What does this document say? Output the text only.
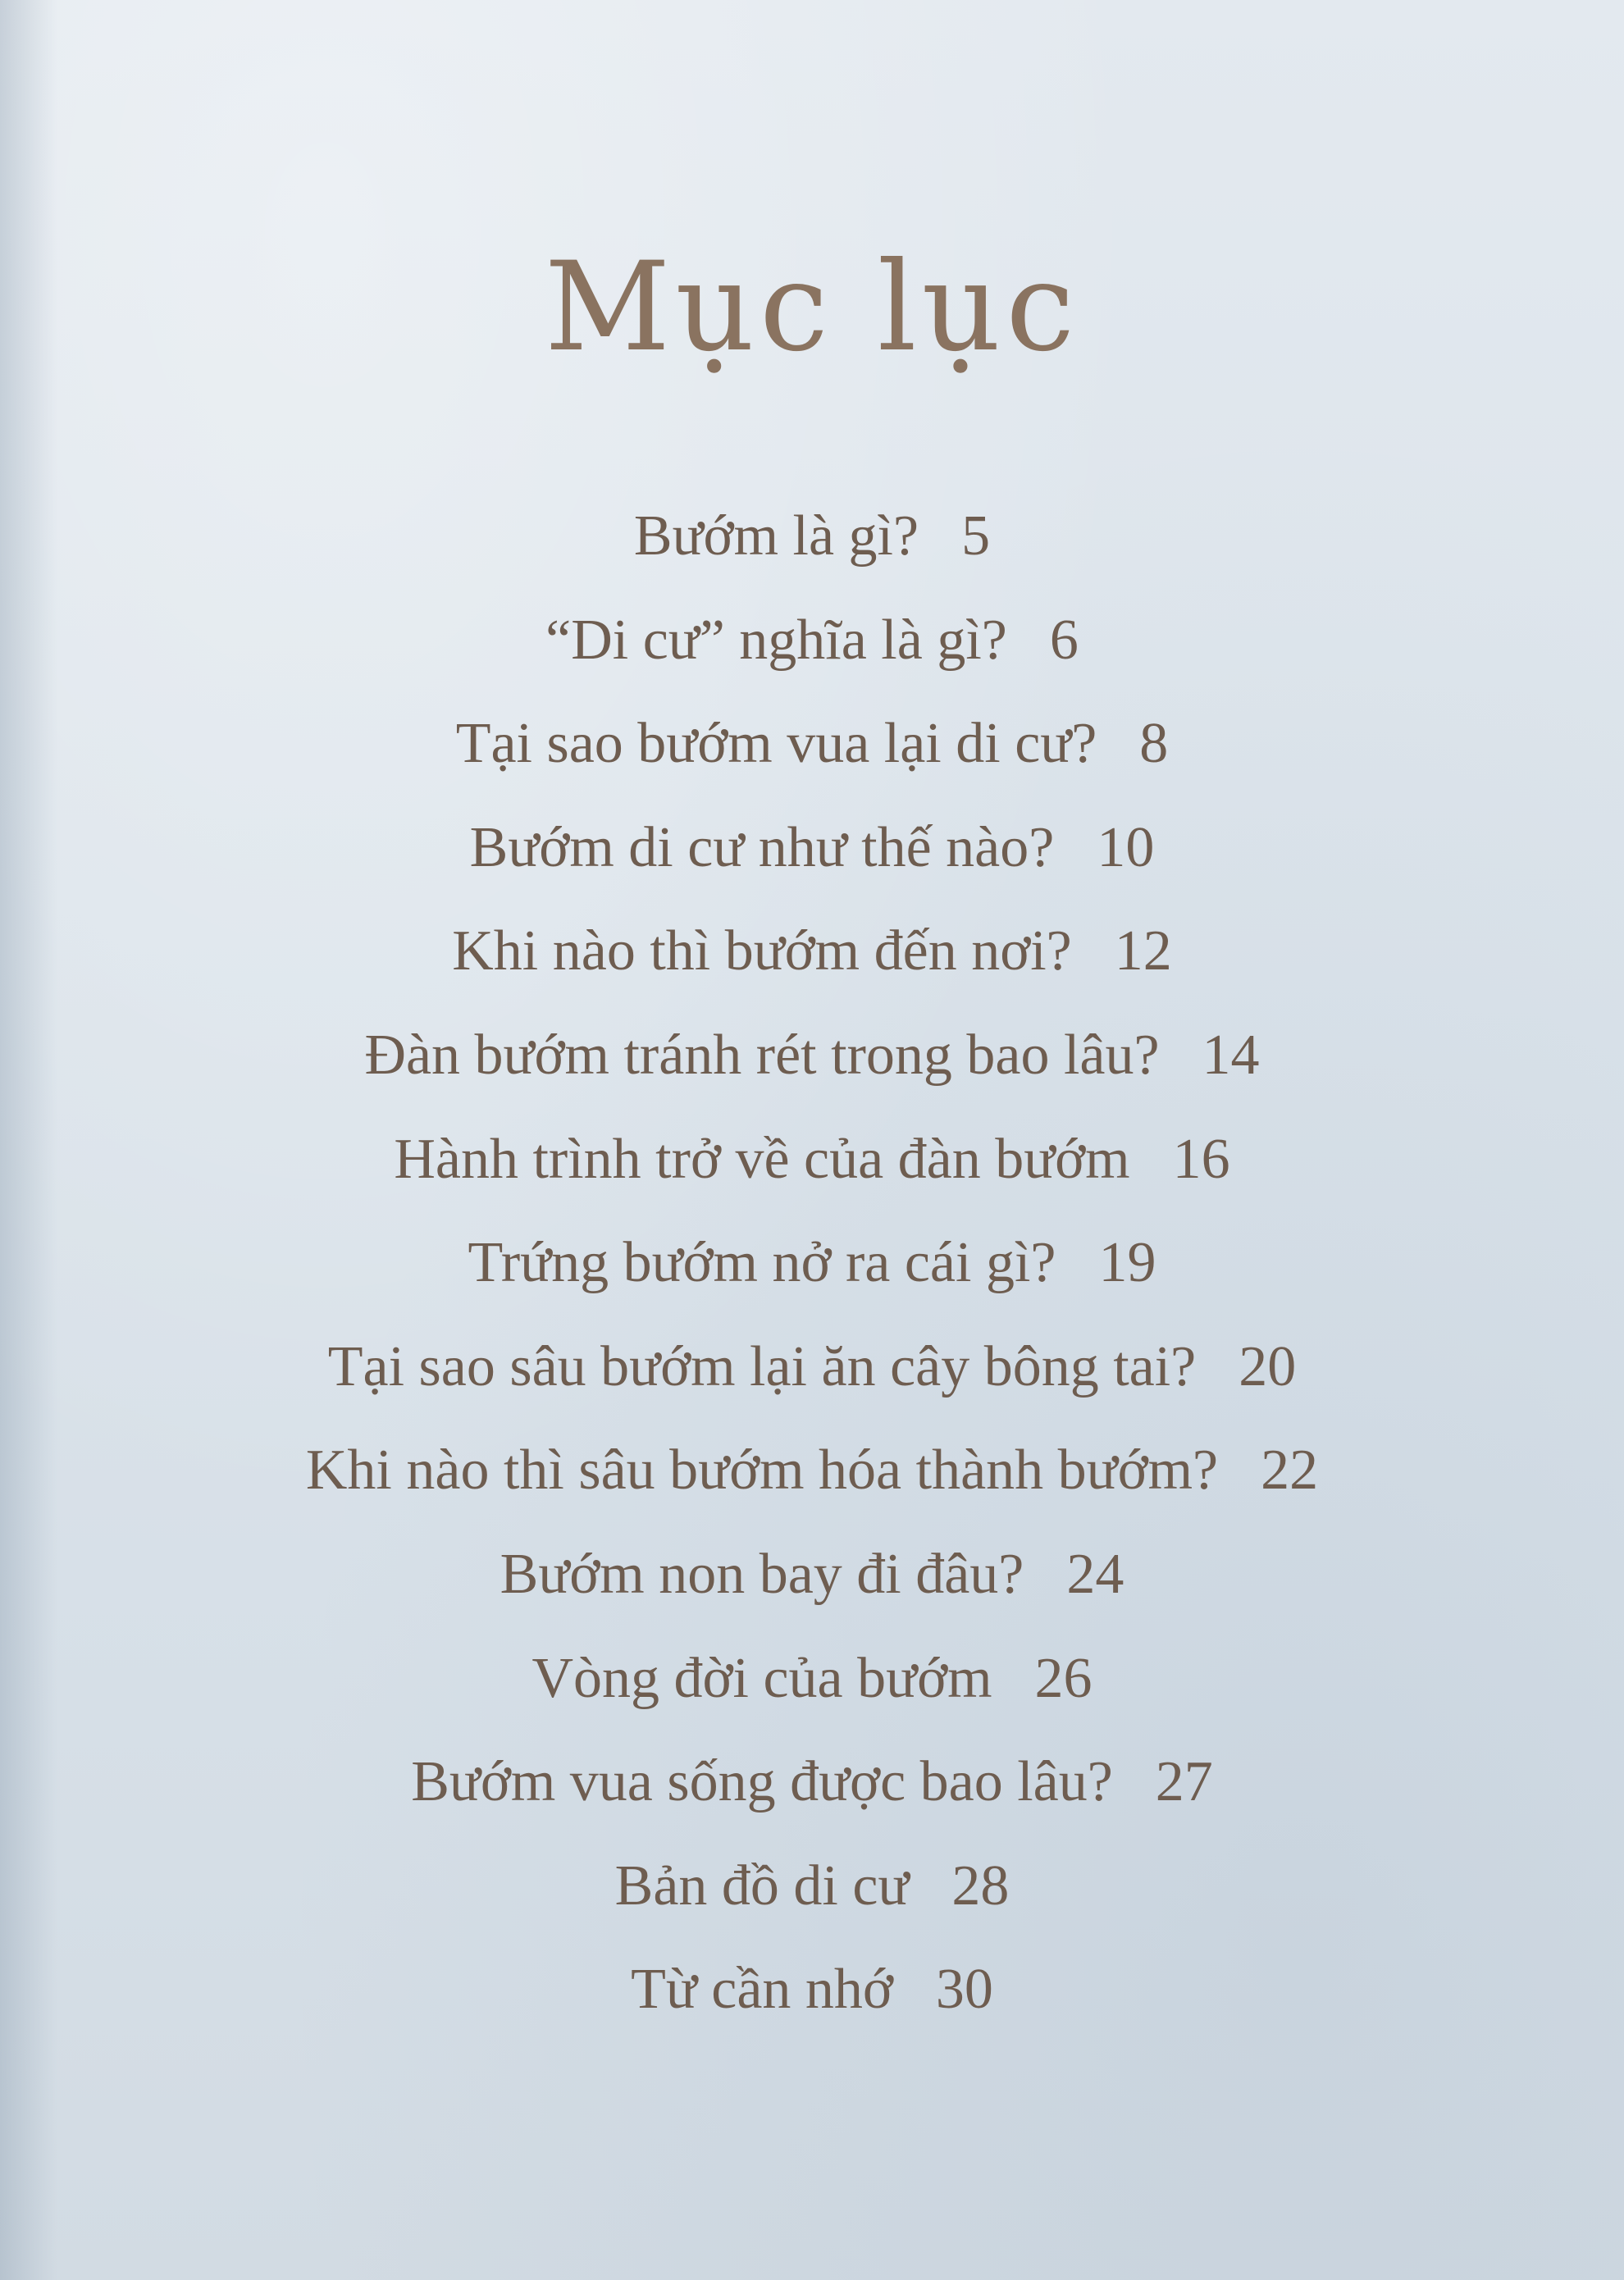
Mục lục
Bướm là gì? 5
“Di cư” nghĩa là gì? 6
Tại sao bướm vua lại di cư? 8
Bướm di cư như thế nào? 10
Khi nào thì bướm đến nơi? 12
Đàn bướm tránh rét trong bao lâu? 14
Hành trình trở về của đàn bướm 16
Trứng bướm nở ra cái gì? 19
Tại sao sâu bướm lại ăn cây bông tai? 20
Khi nào thì sâu bướm hóa thành bướm? 22
Bướm non bay đi đâu? 24
Vòng đời của bướm 26
Bướm vua sống được bao lâu? 27
Bản đồ di cư 28
Từ cần nhớ 30
